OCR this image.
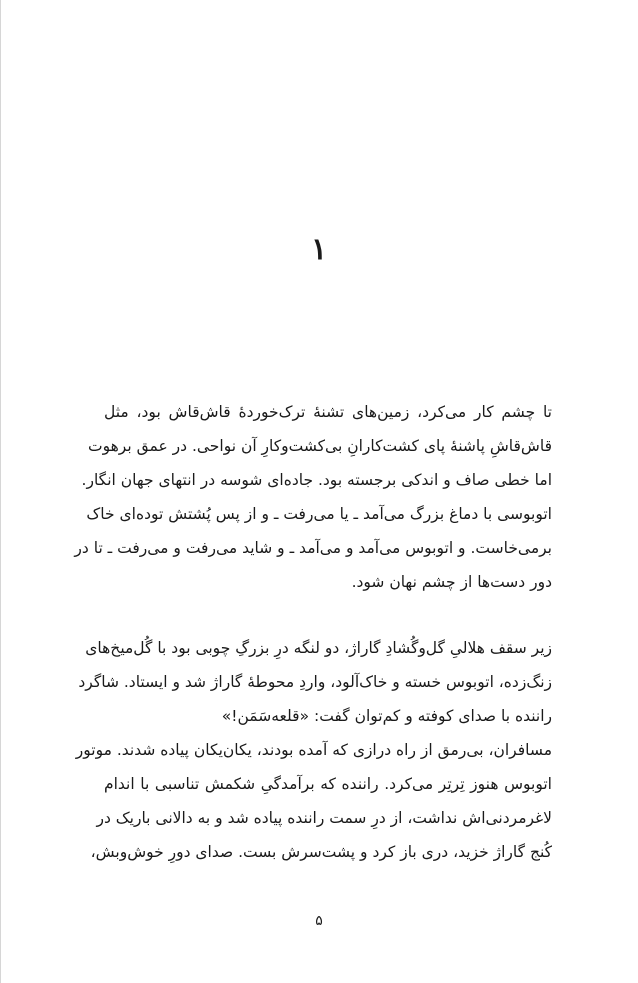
۱
تا چشم کار می‌کرد، زمین‌های تشنهٔ ترک‌خوردهٔ قاش‌قاش بود، مثل
قاش‌قاشِ پاشنهٔ پای کشت‌کارانِ بی‌کشت‌وکارِ آن نواحی. در عمق برهوت
اما خطی صاف و اندکی برجسته بود. جاده‌ای شوسه در انتهای جهان انگار.
اتوبوسی با دماغ بزرگ می‌آمد ـ یا می‌رفت ـ و از پس پُشتش توده‌ای خاک
برمی‌خاست. و اتوبوس می‌آمد و می‌آمد ـ و شاید می‌رفت و می‌رفت ـ تا در
دور دست‌ها از چشم نهان شود.
زیر سقف هلالیِ گل‌وگُشادِ گاراژ، دو لنگه درِ بزرگِ چوبی بود با گُل‌میخ‌های
زنگ‌زده، اتوبوس خسته و خاک‌آلود، واردِ محوطهٔ گاراژ شد و ایستاد. شاگرد
راننده با صدای کوفته و کم‌توان گفت: «قلعه‌سَمَن!»
مسافران، بی‌رمق از راه درازی که آمده بودند، یکان‌یکان پیاده شدند. موتور
اتوبوس هنوز تِرتِر می‌کرد. راننده که برآمدگیِ شکمش تناسبی با اندام
لاغرمردنی‌اش نداشت، از درِ سمت راننده پیاده شد و به دالانی باریک در
کُنج گاراژ خزید، دری باز کرد و پشت‌سرش بست. صدای دورِ خوش‌وبش،
۵
